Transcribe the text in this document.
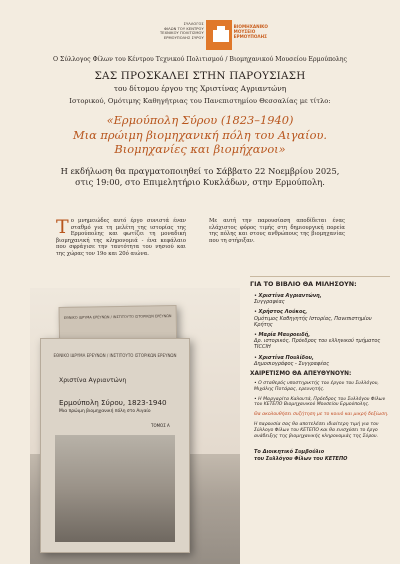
ΣΥΛΛΟΓΟΣ
ΦΙΛΩΝ ΤΟΥ ΚΕΝΤΡΟΥ
ΤΕΧΝΙΚΟΥ ΠΟΛΙΤΙΣΜΟΥ
ΕΡΜΟΥΠΟΛΗΣ ΣΥΡΟΥ
ΒΙΟΜΗΧΑΝΙΚΟ
ΜΟΥΣΕΙΟ
ΕΡΜΟΥΠΟΛΗΣ
Ο Σύλλογος Φίλων του Κέντρου Τεχνικού Πολιτισμού / Βιομηχανικού Μουσείου Ερμούπολης
ΣΑΣ ΠΡΟΣΚΑΛΕΙ ΣΤΗΝ ΠΑΡΟΥΣΙΑΣΗ
του δίτομου έργου της Χριστίνας Αγριαντώνη
Ιστορικού, Ομότιμης Καθηγήτριας του Πανεπιστημίου Θεσσαλίας με τίτλο:
«Ερμούπολη Σύρου (1823–1940)
Μια πρώιμη βιομηχανική πόλη του Αιγαίου.
Βιομηχανίες και βιομήχανοι»
Η εκδήλωση θα πραγματοποιηθεί το Σάββατο 22 Νοεμβρίου 2025,
στις 19:00, στο Επιμελητήριο Κυκλάδων, στην Ερμούπολη.
Το μνημειώδες αυτό έργο συνιστά έναν σταθμό για τη μελέτη της ιστορίας της Ερμούπολης και φωτίζει τη μοναδική βιομηχανική της κληρονομιά - ένα κεφάλαιο που σφράγισε την ταυτότητα του νησιού και της χώρας τον 19ο και 20ό αιώνα.
Με αυτή την παρουσίαση αποδίδεται ένας ελάχιστος φόρος τιμής στη δημιουργική πορεία της πόλης και στους ανθρώπους της βιομηχανίας που τη στήριξαν.
ΕΘΝΙΚΟ ΙΔΡΥΜΑ ΕΡΕΥΝΩΝ / ΙΝΣΤΙΤΟΥΤΟ ΙΣΤΟΡΙΚΩΝ ΕΡΕΥΝΩΝ
ΕΘΝΙΚΟ ΙΔΡΥΜΑ ΕΡΕΥΝΩΝ / ΙΝΣΤΙΤΟΥΤΟ ΙΣΤΟΡΙΚΩΝ ΕΡΕΥΝΩΝ
Χριστίνα Αγριαντώνη
Ερμούπολη Σύρου, 1823-1940
Μια πρώιμη βιομηχανική πόλη στο Αιγαίο
ΤΟΜΟΣ Α
ΓΙΑ ΤΟ ΒΙΒΛΙΟ ΘΑ ΜΙΛΗΣΟΥΝ:
• Χριστίνα Αγριαντώνη,
Συγγραφέας
• Χρήστος Λούκος,
Ομότιμος Καθηγητής Ιστορίας, Πανεπιστημίου Κρήτης
• Μαρία Μαυροειδή,
Δρ. ιστορικός, Πρόεδρος του ελληνικού τμήματος TICCIH
• Χριστίνα Πουλίδου,
Δημοσιογράφος - Συγγραφέας
ΧΑΙΡΕΤΙΣΜΟ ΘΑ ΑΠΕΥΘΥΝΟΥΝ:
• Ο σταθερός υποστηρικτής του έργου του Συλλόγου, Μιχάλης Ποτάρας, ερευνητής.
• Η Μαργαρίτα Καλουτά, Πρόεδρος του Συλλόγου Φίλων του ΚΕΤΕΠΟ Βιομηχανικού Μουσείου Ερμούπολης.
Θα ακολουθήσει συζήτηση με το κοινό και μικρή δεξίωση.
Η παρουσία σας θα αποτελέσει ιδιαίτερη τιμή για τον Σύλλογο Φίλων του ΚΕΤΕΠΟ και θα ενισχύσει το έργο ανάδειξης της βιομηχανικής κληρονομιάς της Σύρου.
Το Διοικητικό Συμβούλιο
του Συλλόγου Φίλων του ΚΕΤΕΠΟ
